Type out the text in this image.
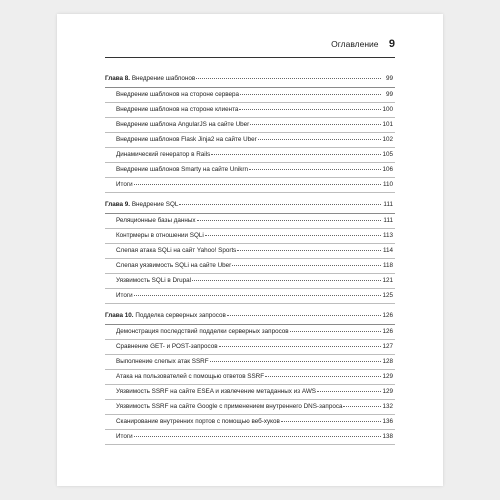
Оглавление 9
Глава 8. Внедрение шаблонов	99
Внедрение шаблонов на стороне сервера	99
Внедрение шаблонов на стороне клиента	100
Внедрение шаблона AngularJS на сайте Uber	101
Внедрение шаблонов Flask Jinja2 на сайте Uber	102
Динамический генератор в Rails	105
Внедрение шаблонов Smarty на сайте Unikrn	106
Итоги	110
Глава 9. Внедрение SQL	111
Реляционные базы данных	111
Контрмеры в отношении SQLi	113
Слепая атака SQLi на сайт Yahoo! Sports	114
Слепая уязвимость SQLi на сайте Uber	118
Уязвимость SQLi в Drupal	121
Итоги	125
Глава 10. Подделка серверных запросов	126
Демонстрация последствий подделки серверных запросов	126
Сравнение GET- и POST-запросов	127
Выполнение слепых атак SSRF	128
Атака на пользователей с помощью ответов SSRF	129
Уязвимость SSRF на сайте ESEA и извлечение метаданных из AWS	129
Уязвимость SSRF на сайте Google с применением внутреннего DNS-запроса	132
Сканирование внутренних портов с помощью веб-хуков	136
Итоги	138
